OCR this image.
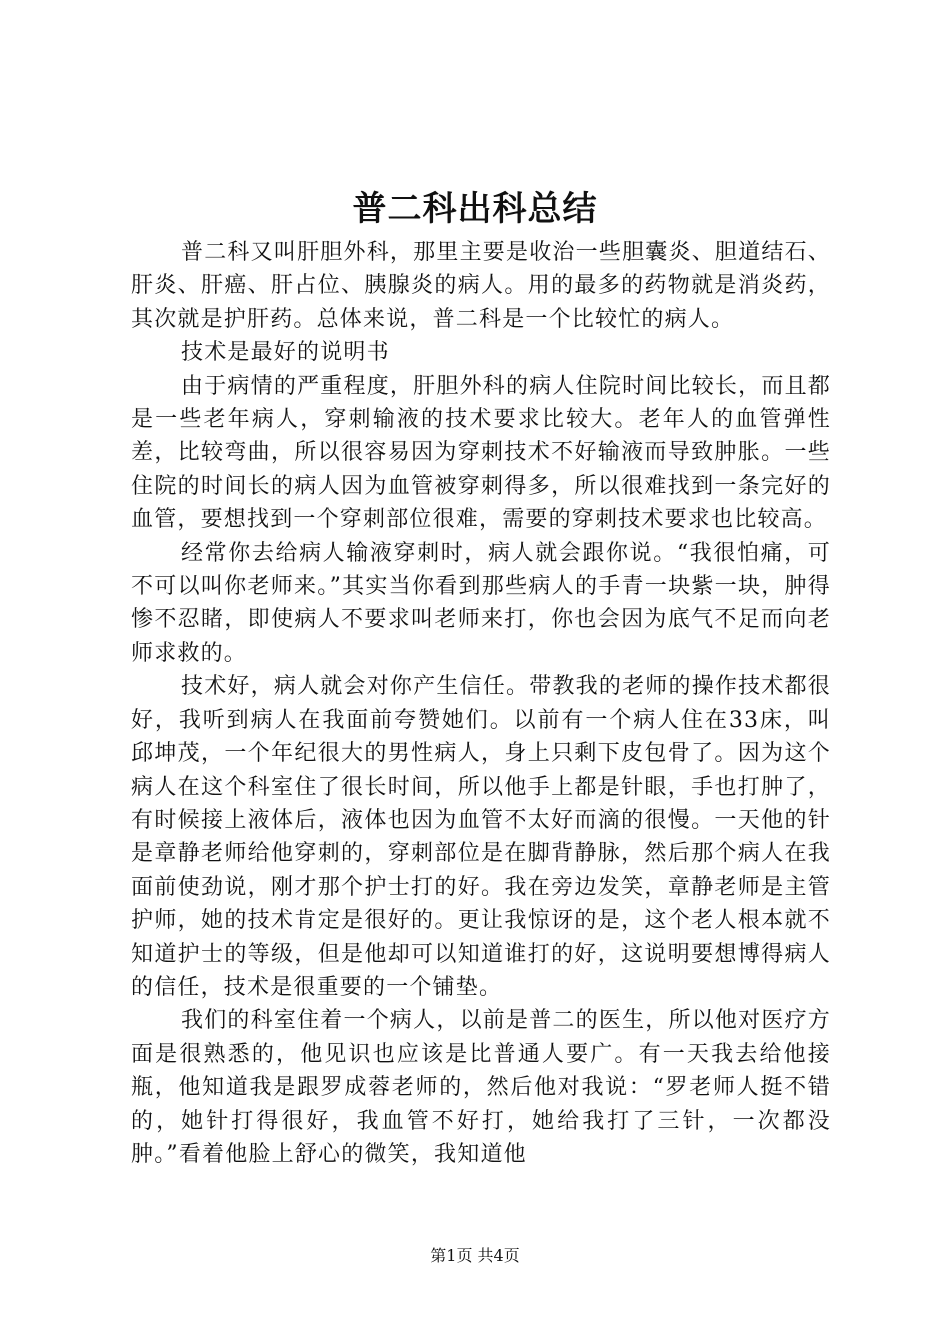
普二科出科总结

普二科又叫肝胆外科，那里主要是收治一些胆囊炎、胆道结石、肝炎、肝癌、肝占位、胰腺炎的病人。用的最多的药物就是消炎药，其次就是护肝药。总体来说，普二科是一个比较忙的病人。

技术是最好的说明书

由于病情的严重程度，肝胆外科的病人住院时间比较长，而且都是一些老年病人，穿刺输液的技术要求比较大。老年人的血管弹性差，比较弯曲，所以很容易因为穿刺技术不好输液而导致肿胀。一些住院的时间长的病人因为血管被穿刺得多，所以很难找到一条完好的血管，要想找到一个穿刺部位很难，需要的穿刺技术要求也比较高。

经常你去给病人输液穿刺时，病人就会跟你说。“我很怕痛，可不可以叫你老师来。”其实当你看到那些病人的手青一块紫一块，肿得惨不忍睹，即使病人不要求叫老师来打，你也会因为底气不足而向老师求救的。

技术好，病人就会对你产生信任。带教我的老师的操作技术都很好，我听到病人在我面前夸赞她们。以前有一个病人住在33床，叫邱坤茂，一个年纪很大的男性病人，身上只剩下皮包骨了。因为这个病人在这个科室住了很长时间，所以他手上都是针眼，手也打肿了，有时候接上液体后，液体也因为血管不太好而滴的很慢。一天他的针是章静老师给他穿刺的，穿刺部位是在脚背静脉，然后那个病人在我面前使劲说，刚才那个护士打的好。我在旁边发笑，章静老师是主管护师，她的技术肯定是很好的。更让我惊讶的是，这个老人根本就不知道护士的等级，但是他却可以知道谁打的好，这说明要想博得病人的信任，技术是很重要的一个铺垫。

我们的科室住着一个病人，以前是普二的医生，所以他对医疗方面是很熟悉的，他见识也应该是比普通人要广。有一天我去给他接瓶，他知道我是跟罗成蓉老师的，然后他对我说：“罗老师人挺不错的，她针打得很好，我血管不好打，她给我打了三针，一次都没肿。”看着他脸上舒心的微笑，我知道他

第1页 共4页
